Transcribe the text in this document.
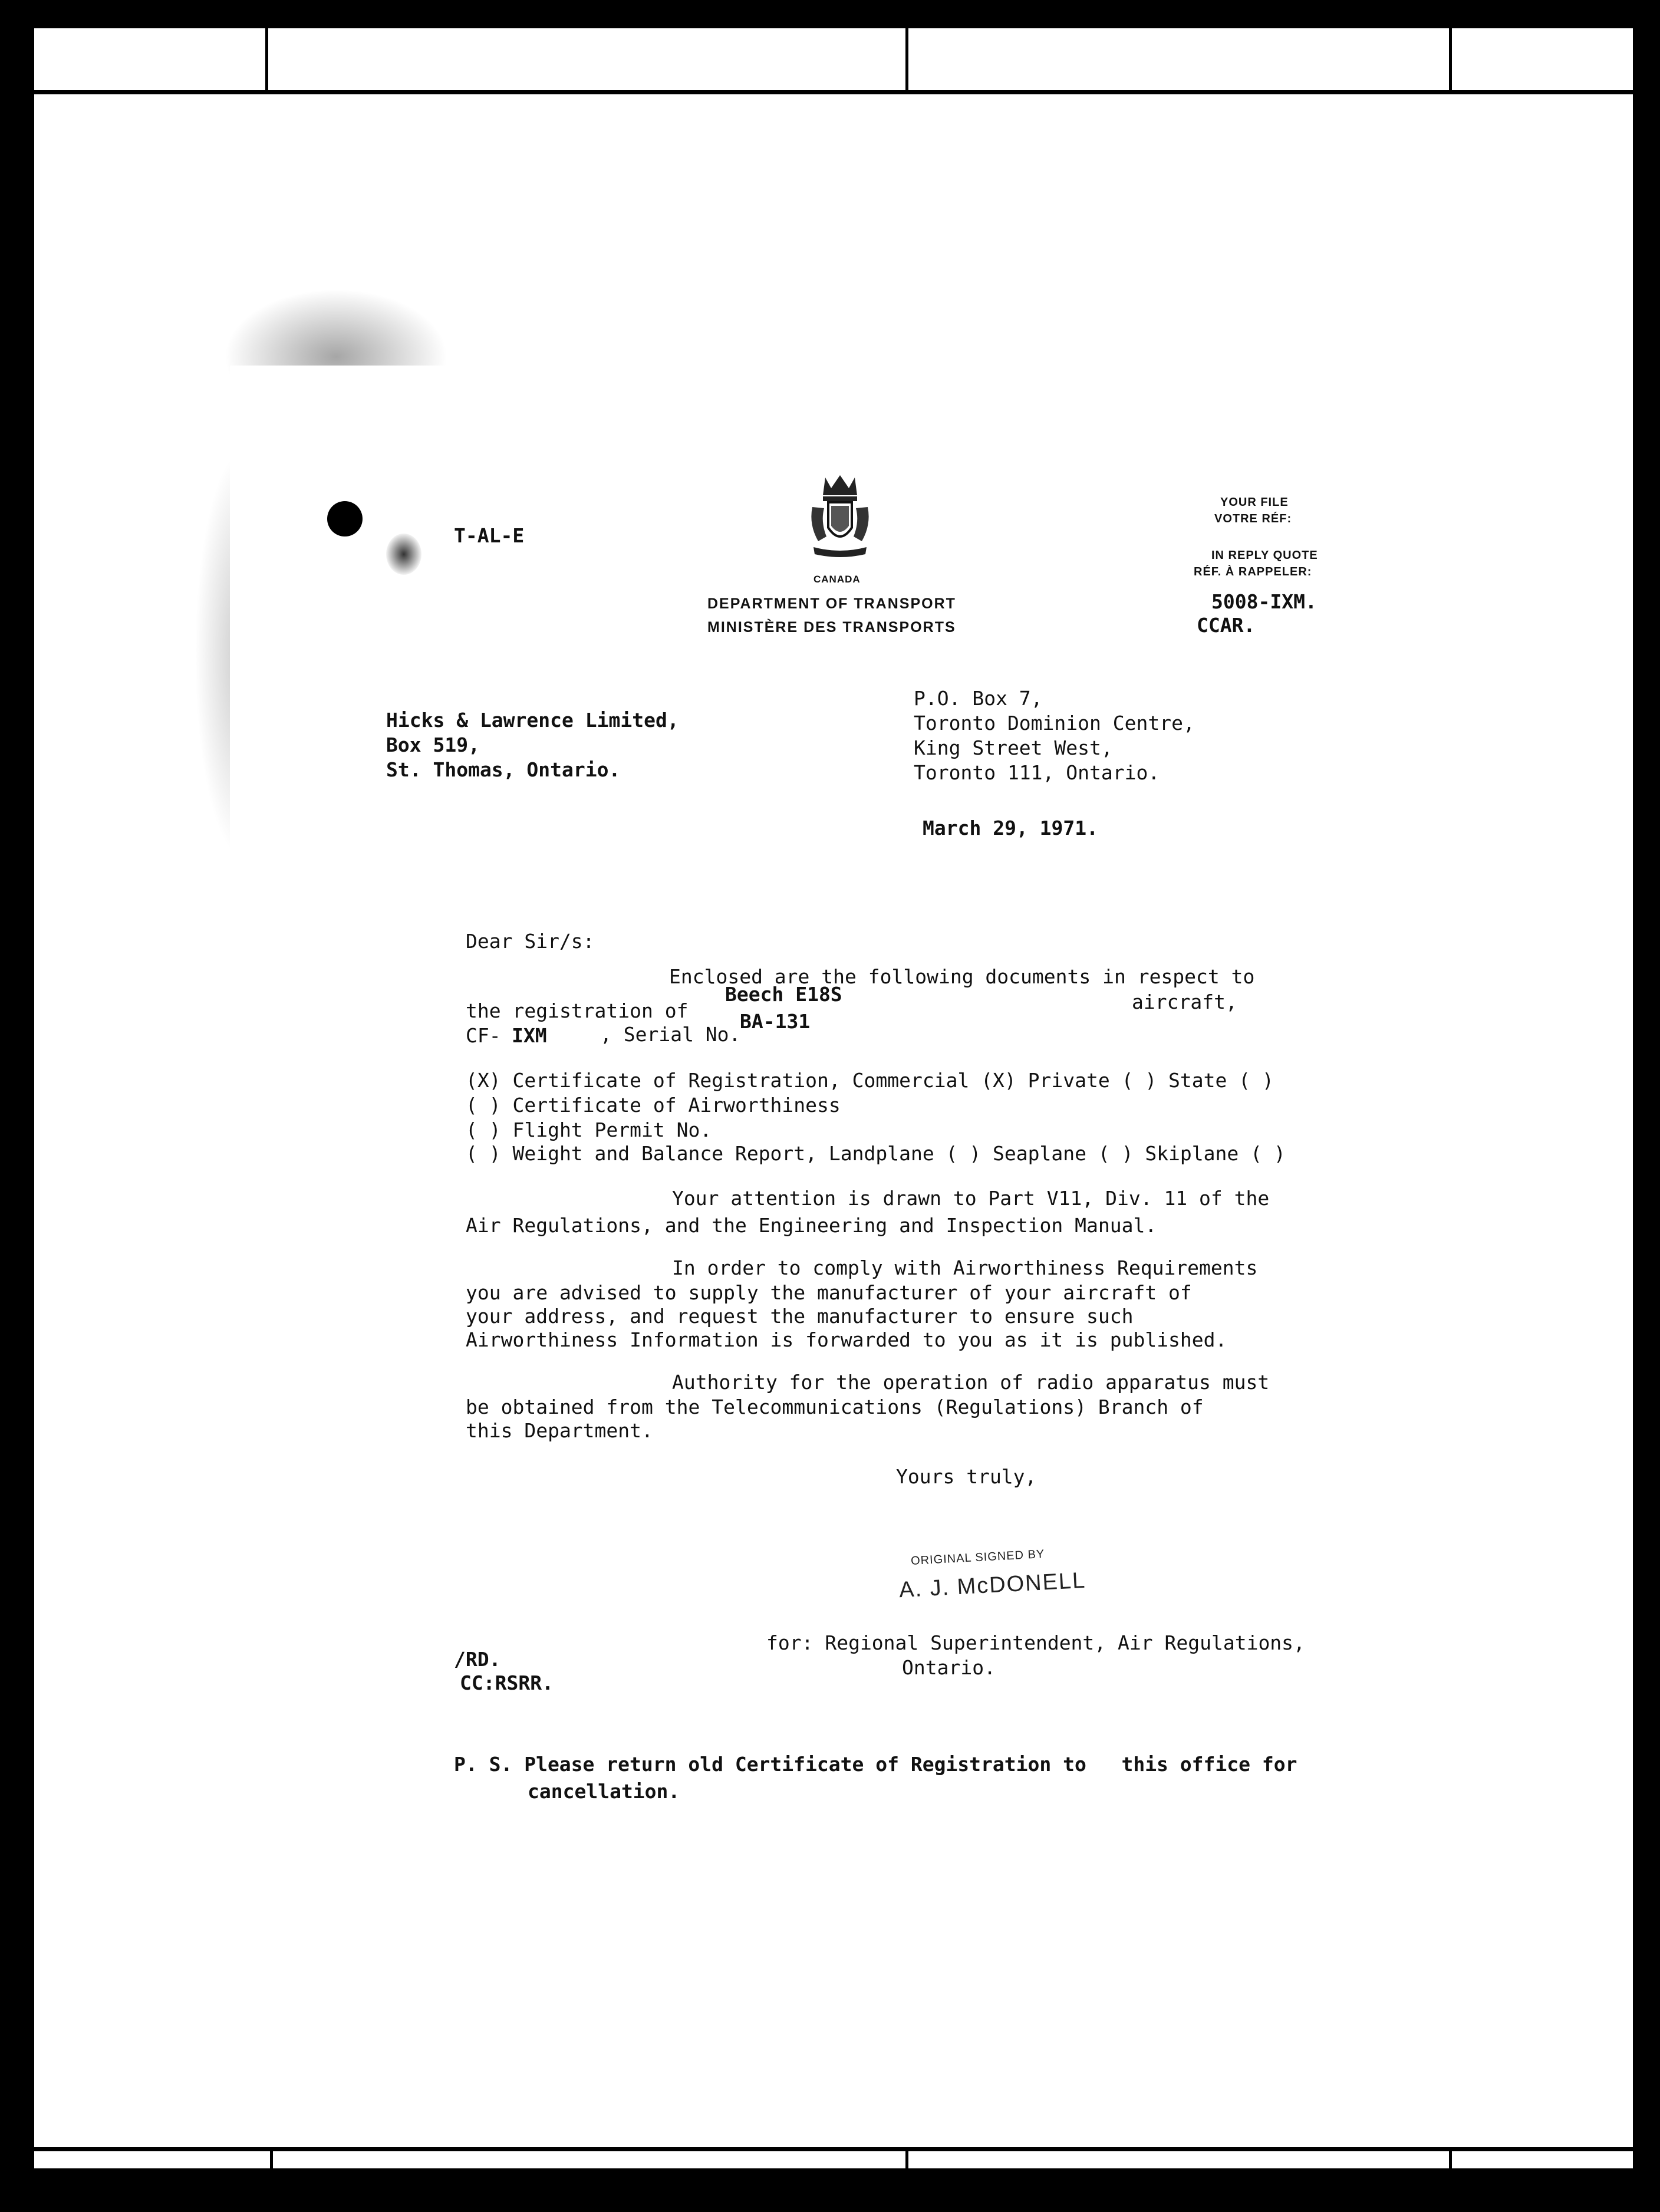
T-AL-E
CANADA
DEPARTMENT OF TRANSPORT
MINISTÈRE DES TRANSPORTS
YOUR FILE
VOTRE RÉF:
IN REPLY QUOTE
RÉF. À RAPPELER:
5008-IXM.
CCAR.
Hicks & Lawrence Limited,
Box 519,
St. Thomas, Ontario.
P.O. Box 7,
Toronto Dominion Centre,
King Street West,
Toronto 111, Ontario.
March 29, 1971.
Dear Sir/s:
Enclosed are the following documents in respect to
the registration of
Beech E18S	aircraft,
CF- IXM	, Serial No.
BA-131
(X) Certificate of Registration, Commercial (X) Private ( ) State ( )
( ) Certificate of Airworthiness
( ) Flight Permit No.
( ) Weight and Balance Report, Landplane ( ) Seaplane ( ) Skiplane ( )
Your attention is drawn to Part V11, Div. 11 of the
Air Regulations, and the Engineering and Inspection Manual.
In order to comply with Airworthiness Requirements
you are advised to supply the manufacturer of your aircraft of
your address, and request the manufacturer to ensure such
Airworthiness Information is forwarded to you as it is published.
Authority for the operation of radio apparatus must
be obtained from the Telecommunications (Regulations) Branch of
this Department.
Yours truly,
ORIGINAL SIGNED BY
A. J. McDONELL
for: Regional Superintendent, Air Regulations,
Ontario.
/RD.
CC:RSRR.
P. S. Please return old Certificate of Registration to   this office for
cancellation.
